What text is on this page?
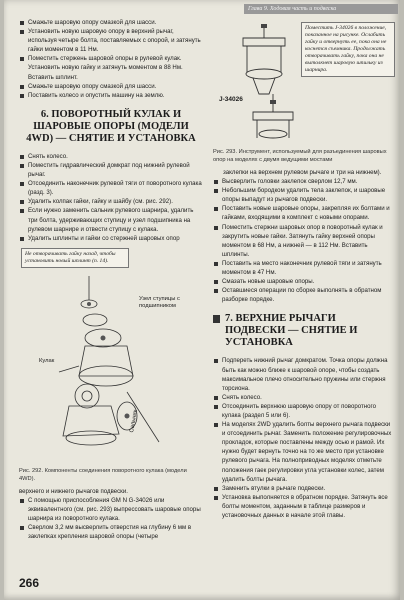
Глава 9. Ходовая часть и подвеска
Смажьте шаровую опору смазкой для шасси.
Установить новую шаровую опору в верхний рычаг, используя четыре болта, поставляемых с опорой, и затянуть гайки моментом в 11 Нм.
Поместить стержень шаровой опоры в рулевой кулак. Установить новую гайку и затянуть моментом в 88 Нм. Вставить шплинт.
Смажьте шаровую опору смазкой для шасси.
Поставить колесо и опустить машину на землю.
6. ПОВОРОТНЫЙ КУЛАК И ШАРОВЫЕ ОПОРЫ (МОДЕЛИ 4WD) — СНЯТИЕ И УСТАНОВКА
Снять колесо.
Поместить гидравлический домкрат под нижний рулевой рычаг.
Отсоединить наконечник рулевой тяги от поворотного кулака (разд. 3).
Удалить колпак гайки, гайку и шайбу (см. рис. 292).
Если нужно заменить сальник рулевого шарнира, удалить три болта, удерживающих ступицу и узел подшипника на рулевом шарнире и отвести ступицу с кулака.
Удалить шплинты и гайки со стержней шаровых опор
Не отворачивать гайку назад, чтобы установить новый шплинт (п. 14).
Узел ступицы с подшипником
Кулак
Сальник

Рис. 292. Компоненты соединения поворотного кулака (модели 4WD).

верхнего и нижнего рычагов подвески.

С помощью приспособления GM N G-34026 или эквивалентного (см. рис. 293) выпрессовать шаровые опоры шарнира из поворотного кулака.
Сверлом 3,2 мм высверлить отверстия на глубину 6 мм в заклепках крепления шаровой опоры (четыре
266
Поместить J-34026 в положение, показанное на рисунке. Ослабить гайку и отвернуть ее, пока она не коснется съемника. Продолжать отворачивать гайку, пока она не вытолкнет шаровую шпильку из шарнира.
J-34026

Рис. 293. Инструмент, используемый для разъединения шаровых опор на моделях с двумя ведущими мостами

заклепки на верхнем рулевом рычаге и три на нижнем).

Высверлить головки заклепок сверлом 12,7 мм.
Небольшим бородком удалить тела заклепок, и шаровые опоры выпадут из рычагов подвески.
Поставить новые шаровые опоры, закрепляя их болтами и гайками, входящими в комплект с новыми опорами.
Поместить стержни шаровых опор в поворотный кулак и закрутить новые гайки. Затянуть гайку верхней опоры моментом в 68 Нм, а нижней — в 112 Нм. Вставить шплинты.
Поставить на место наконечник рулевой тяги и затянуть моментом в 47 Нм.
Смазать новые шаровые опоры.
Оставшиеся операции по сборке выполнять в обратном разборке порядке.
7. ВЕРХНИЕ РЫЧАГИ ПОДВЕСКИ — СНЯТИЕ И УСТАНОВКА
Подпереть нижний рычаг домкратом. Точка опоры должна быть как можно ближе к шаровой опоре, чтобы создать максимальное плечо относительно пружины или стержня торсиона.
Снять колесо.
Отсоединить верхнюю шаровую опору от поворотного кулака (раздел 5 или 6).
На моделях 2WD удалить болты верхнего рычага подвески и отсоединить рычаг. Заменить положение регулировочных прокладок, которые поставлены между осью и рамой. Их нужно будет вернуть точно на то же место при установке рулевого рычага. На полноприводных моделях отметьте положения гаек регулировки угла установки колес, затем удалить болты рычага.
Заменить втулки в рычаге подвески.
Установка выполняется в обратном порядке. Затянуть все болты моментом, заданным в таблице размеров и установочных данных в начале этой главы.
